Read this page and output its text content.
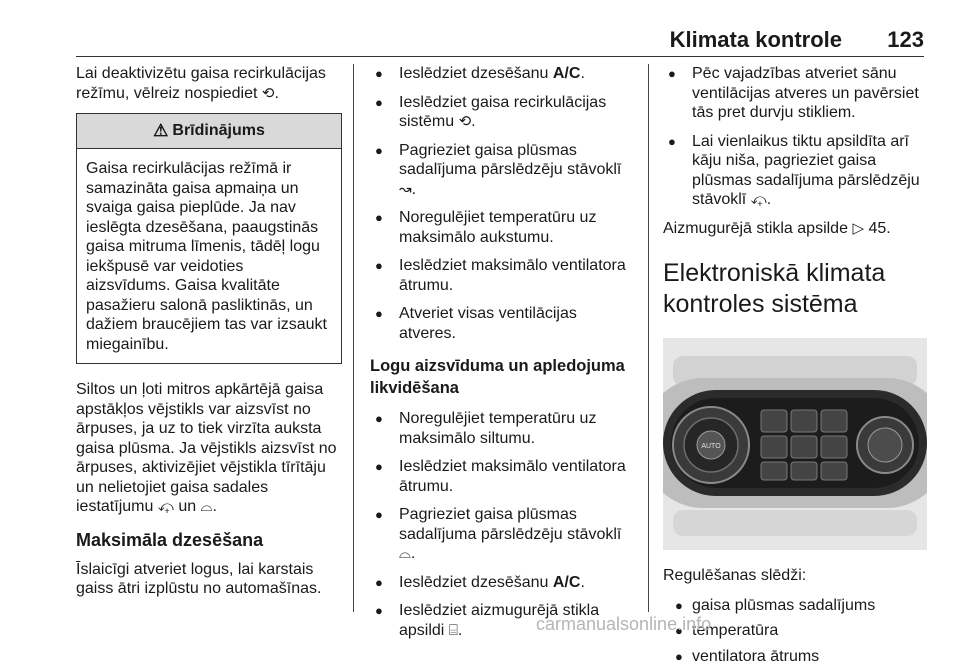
Klimata kontrole 123

Lai deaktivizētu gaisa recirkulācijas režīmu, vēlreiz nospiediet ⟲.

⚠ Brīdinājums
Gaisa recirkulācijas režīmā ir samazināta gaisa apmaiņa un svaiga gaisa pieplūde. Ja nav ieslēgta dzesēšana, paaugstinās gaisa mitruma līmenis, tādēļ logu iekšpusē var veidoties aizsvīdums. Gaisa kvalitāte pasažieru salonā pasliktinās, un dažiem braucējiem tas var izsaukt miegainību.

Siltos un ļoti mitros apkārtējā gaisa apstākļos vējstikls var aizsvīst no ārpuses, ja uz to tiek virzīta auksta gaisa plūsma. Ja vējstikls aizsvīst no ārpuses, aktivizējiet vējstikla tīrītāju un nelietojiet gaisa sadales iestatījumu ⤽ un ⌓.

Maksimāla dzesēšana

Īslaicīgi atveriet logus, lai karstais gaiss ātri izplūstu no automašīnas.

● Ieslēdziet dzesēšanu A/C.
● Ieslēdziet gaisa recirkulācijas sistēmu ⟲.
● Pagrieziet gaisa plūsmas sadalījuma pārslēdzēju stāvoklī ↝.
● Noregulējiet temperatūru uz maksimālo aukstumu.
● Ieslēdziet maksimālo ventilatora ātrumu.
● Atveriet visas ventilācijas atveres.
Logu aizsvīduma un apledojuma likvidēšana
● Noregulējiet temperatūru uz maksimālo siltumu.
● Ieslēdziet maksimālo ventilatora ātrumu.
● Pagrieziet gaisa plūsmas sadalījuma pārslēdzēju stāvoklī ⌓.
● Ieslēdziet dzesēšanu A/C.
● Ieslēdziet aizmugurējā stikla apsildi ⌸.
● Pēc vajadzības atveriet sānu ventilācijas atveres un pavērsiet tās pret durvju stikliem.
● Lai vienlaikus tiktu apsildīta arī kāju niša, pagrieziet gaisa plūsmas sadalījuma pārslēdzēju stāvoklī ⤽.

Aizmugurējā stikla apsilde ▷ 45.

Elektroniskā klimata kontroles sistēma
AUTO

Regulēšanas slēdži:

● gaisa plūsmas sadalījums
● temperatūra
● ventilatora ātrums
carmanualsonline.info
